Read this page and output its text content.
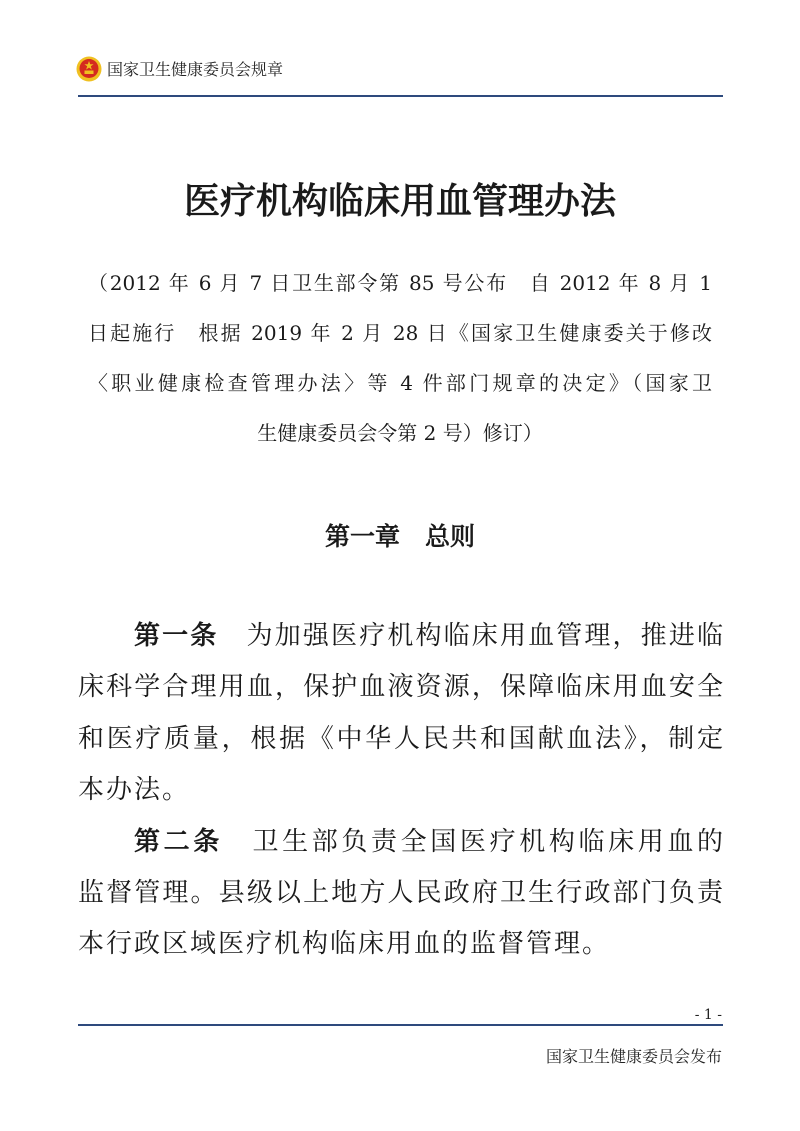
国家卫生健康委员会规章
医疗机构临床用血管理办法
（2012 年 6 月 7 日卫生部令第 85 号公布　自 2012 年 8 月 1
日起施行　根据 2019 年 2 月 28 日《国家卫生健康委关于修改
〈职业健康检查管理办法〉等 4 件部门规章的决定》（国家卫
生健康委员会令第 2 号）修订）
第一章　总则
第一条　 为加强医疗机构临床用血管理，推进临
床科学合理用血，保护血液资源，保障临床用血安全
和医疗质量，根据《中华人民共和国献血法》，制定
本办法。
第二条　 卫生部负责全国医疗机构临床用血的
监督管理。县级以上地方人民政府卫生行政部门负责
本行政区域医疗机构临床用血的监督管理。
- 1 -
国家卫生健康委员会发布
